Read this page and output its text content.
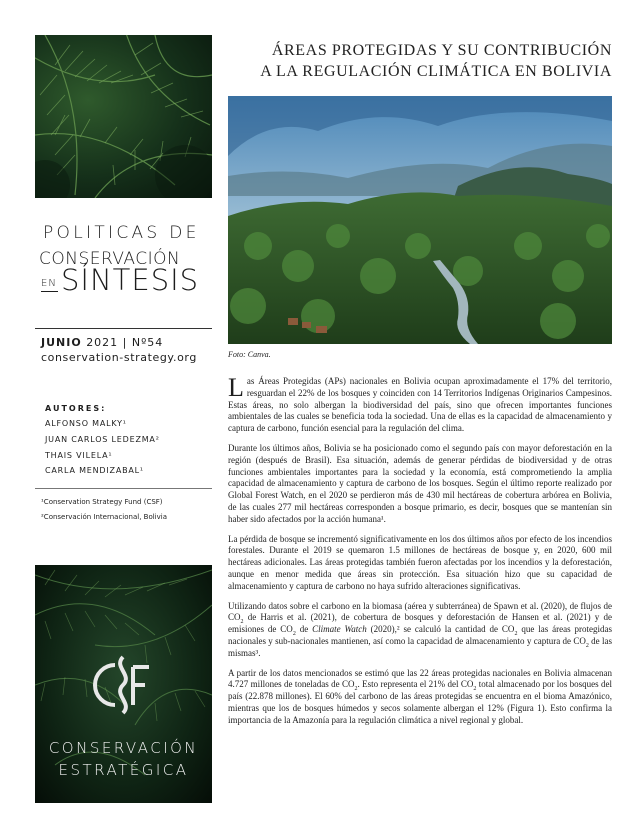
POLITICAS DE
CONSERVACIÓN
EN SÍNTESIS
JUNIO 2021 | Nº54
conservation-strategy.org
AUTORES:
ALFONSO MALKY¹
JUAN CARLOS LEDEZMA²
THAIS VILELA¹
CARLA MENDIZABAL¹
¹Conservation Strategy Fund (CSF)
²Conservación Internacional, Bolivia
CONSERVACIÓN
ESTRATÉGICA
ÁREAS PROTEGIDAS Y SU CONTRIBUCIÓN
A LA REGULACIÓN CLIMÁTICA EN BOLIVIA
Foto: Canva.

Las Áreas Protegidas (APs) nacionales en Bolivia ocupan aproximadamente el 17% del territorio, resguardan el 22% de los bosques y coinciden con 14 Territorios Indígenas Originarios Campesinos. Estas áreas, no solo albergan la biodiversidad del país, sino que ofrecen importantes funciones ambientales de las cuales se beneficia toda la sociedad. Una de ellas es la capacidad de almacenamiento y captura de carbono, función esencial para la regulación del clima.

Durante los últimos años, Bolivia se ha posicionado como el segundo país con mayor deforestación en la región (después de Brasil). Esa situación, además de generar pérdidas de biodiversidad y de otras funciones ambientales importantes para la sociedad y la economía, está comprometiendo la amplia capacidad de almacenamiento y captura de carbono de los bosques. Según el último reporte realizado por Global Forest Watch, en el 2020 se perdieron más de 430 mil hectáreas de cobertura arbórea en Bolivia, de las cuales 277 mil hectáreas corresponden a bosque primario, es decir, bosques que se mantenían sin haber sido afectados por la acción humana¹.

La pérdida de bosque se incrementó significativamente en los dos últimos años por efecto de los incendios forestales. Durante el 2019 se quemaron 1.5 millones de hectáreas de bosque y, en 2020, 600 mil hectáreas adicionales. Las áreas protegidas también fueron afectadas por los incendios y la deforestación, aunque en menor medida que áreas sin protección. Esa situación hizo que su capacidad de almacenamiento y captura de carbono no haya sufrido alteraciones significativas.

Utilizando datos sobre el carbono en la biomasa (aérea y subterránea) de Spawn et al. (2020), de flujos de $CO_2$ de Harris et al. (2021), de cobertura de bosques y deforestación de Hansen et al. (2021) y de emisiones de $CO_2$ de Climate Watch (2020),² se calculó la cantidad de $CO_2$ que las áreas protegidas nacionales y sub-nacionales mantienen, así como la capacidad de almacenamiento y captura de $CO_2$ de las mismas³.

A partir de los datos mencionados se estimó que las 22 áreas protegidas nacionales en Bolivia almacenan 4.727 millones de toneladas de $CO_2$. Esto representa el 21% del $CO_2$ total almacenado por los bosques del país (22.878 millones). El 60% del carbono de las áreas protegidas se encuentra en el bioma Amazónico, mientras que los de bosques húmedos y secos solamente albergan el 12% (Figura 1). Esto confirma la importancia de la Amazonía para la regulación climática a nivel regional y global.
